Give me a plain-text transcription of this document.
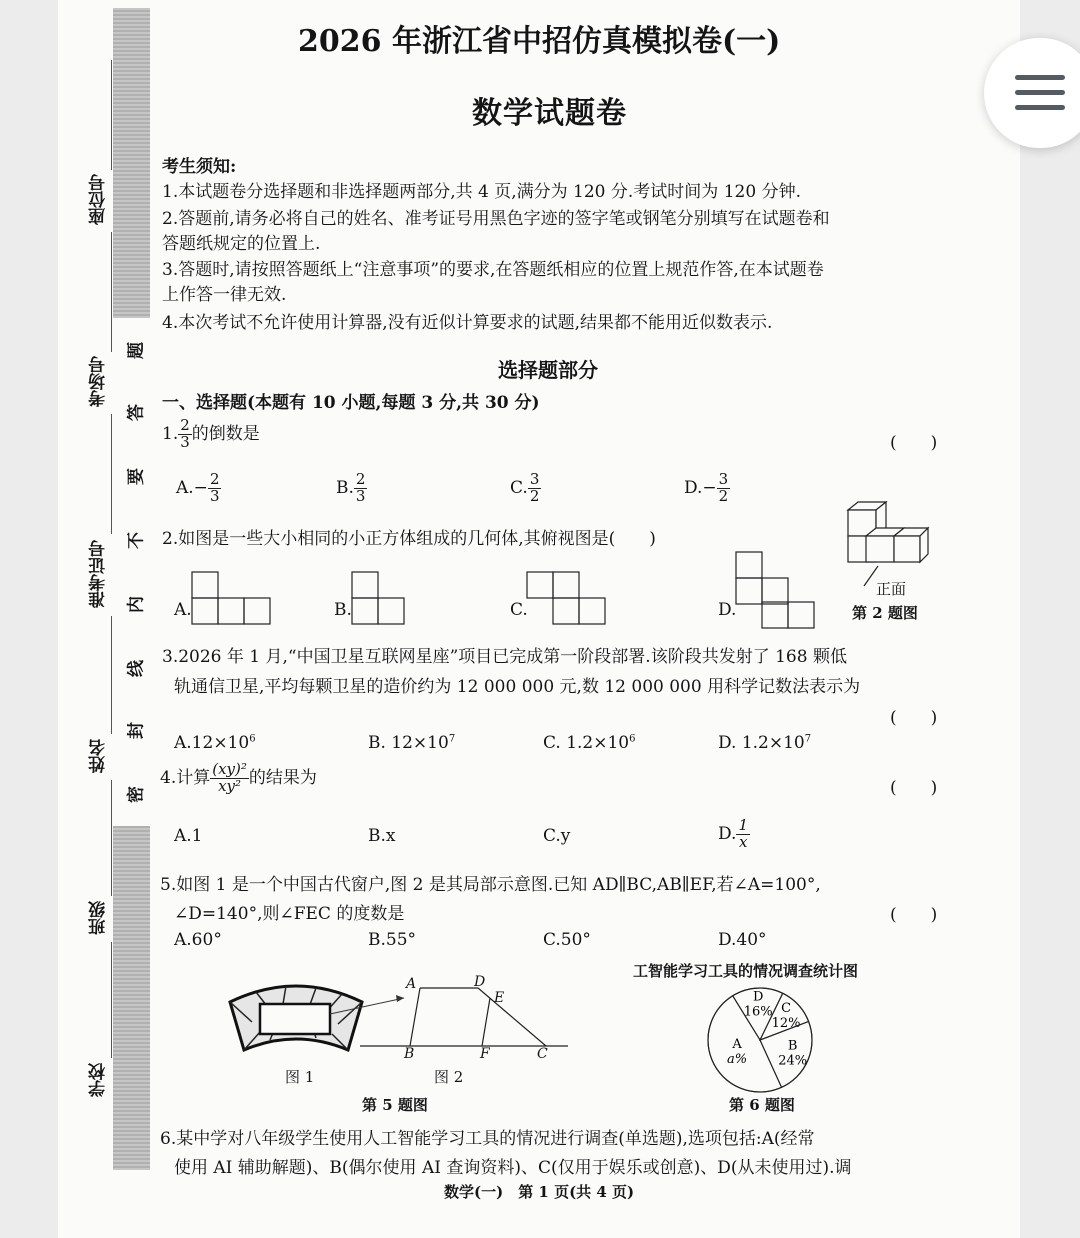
座位号
考场号
准考证号
姓名
班级
学校
题
答
要
不
内
线
封
密
2026 年浙江省中招仿真模拟卷(一)
数学试题卷
考生须知:
1.本试题卷分选择题和非选择题两部分,共 4 页,满分为 120 分.考试时间为 120 分钟.
2.答题前,请务必将自己的姓名、准考证号用黑色字迹的签字笔或钢笔分别填写在试题卷和
答题纸规定的位置上.
3.答题时,请按照答题纸上“注意事项”的要求,在答题纸相应的位置上规范作答,在本试题卷
上作答一律无效.
4.本次考试不允许使用计算器,没有近似计算要求的试题,结果都不能用近似数表示.
选择题部分
一、选择题(本题有 10 小题,每题 3 分,共 30 分)
1. $\frac{2}{3}$ 的倒数是	(　　)
$A.- \frac{2}{3}$	B. $\frac{2}{3}$	C. $\frac{3}{2}$	$D.- \frac{3}{2}$
2.如图是一些大小相同的小正方体组成的几何体,其俯视图是(　　)
A.	B.	C.	D.
正面
第 2 题图
3.2026 年 1 月,“中国卫星互联网星座”项目已完成第一阶段部署.该阶段共发射了 168 颗低
轨通信卫星,平均每颗卫星的造价约为 12 000 000 元,数 12 000 000 用科学记数法表示为
(　　)
$A.12\times 10^6$	B. $12\times 10^7$	C. $1.2\times 10^6$	D. $1.2\times 10^7$
4.计算 $\frac{\text{(xy)²}}{\text{xy²}}$ 的结果为
(　　)
A.1	B.x	C.y	D. $\frac{1}{x}$
5.如图 1 是一个中国古代窗户,图 2 是其局部示意图.已知 AD∥BC,AB∥EF,若∠A=100°,
∠D=140°,则∠FEC 的度数是	(　　)
A.60°	B.55°	C.50°	D.40°
图 1
A	D
E
B	F	C
图 2
第 5 题图
工智能学习工具的情况调查统计图
D
16% C
12%
B
24%
A
a%
第 6 题图
6.某中学对八年级学生使用人工智能学习工具的情况进行调查(单选题),选项包括:A(经常
使用 AI 辅助解题)、B(偶尔使用 AI 查询资料)、C(仅用于娱乐或创意)、D(从未使用过).调
数学(一)　第 1 页(共 4 页)
